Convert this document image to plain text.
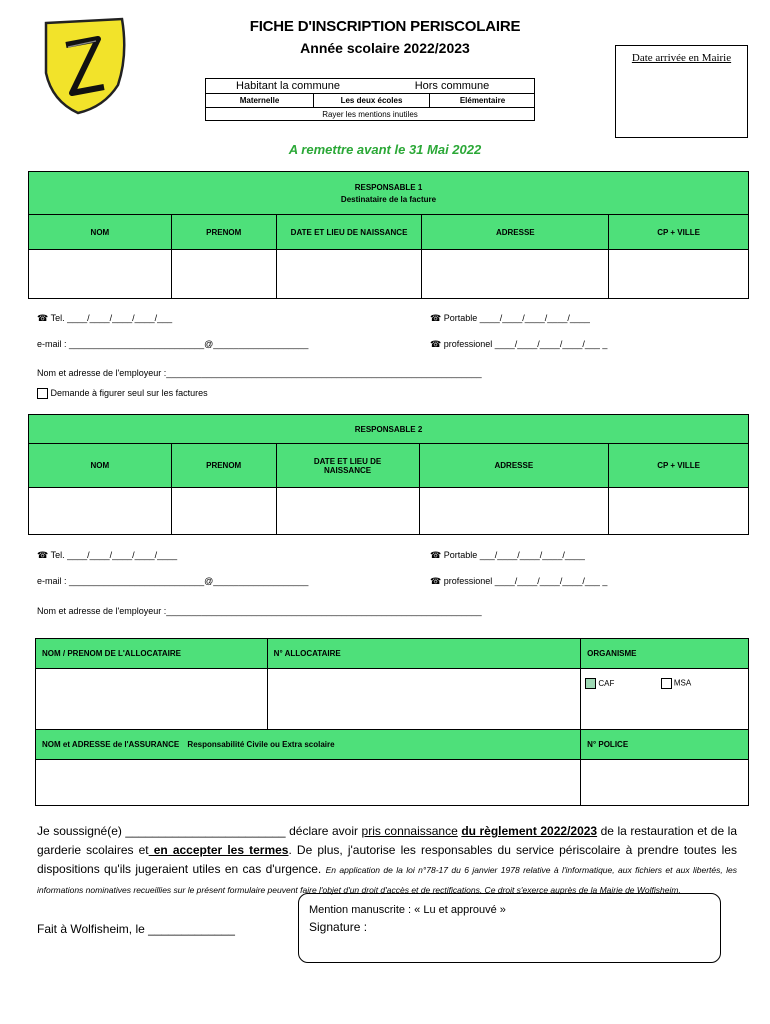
FICHE D'INSCRIPTION PERISCOLAIRE
Année scolaire 2022/2023
Date arrivée en Mairie
Habitant la commune	Hors commune
Maternelle	Les deux écoles	Elémentaire
Rayer les mentions inutiles
A remettre avant le 31 Mai 2022
RESPONSABLE 1
Destinataire de la facture				

NOM	PRENOM	DATE ET LIEU DE NAISSANCE	ADRESSE	CP + VILLE

☎ Tel. ____/____/____/____/___	☎ Portable ____/____/____/____/____
e-mail : ___________________________@___________________	☎ professionel ____/____/____/____/___ _
Nom et adresse de l'employeur :_______________________________________________________________
Demande à figurer seul sur les factures
RESPONSABLE 2				
NOM	PRENOM	DATE ET LIEU DE NAISSANCE	ADRESSE	CP + VILLE

☎ Tel. ____/____/____/____/____	☎ Portable ___/____/____/____/____
e-mail : ___________________________@___________________	☎ professionel ____/____/____/____/___ _
Nom et adresse de l'employeur :_______________________________________________________________
NOM / PRENOM DE L'ALLOCATAIRE	N° ALLOCATAIRE	ORGANISME
		CAF MSA
NOM et ADRESSE de l'ASSURANCE Responsabilité Civile ou Extra scolaire		N° POLICE

Je soussigné(e) ________________________ déclare avoir pris connaissance du règlement 2022/2023 de la restauration et de la garderie scolaires et en accepter les termes. De plus, j'autorise les responsables du service périscolaire à prendre toutes les dispositions qu'ils jugeraient utiles en cas d'urgence. En application de la loi n°78-17 du 6 janvier 1978 relative à l'informatique, aux fichiers et aux libertés, les informations nominatives recueillies sur le présent formulaire peuvent faire l'objet d'un droit d'accès et de rectifications. Ce droit s'exerce auprès de la Mairie de Wolfisheim.
Fait à Wolfisheim, le _____________
Mention manuscrite : « Lu et approuvé »
Signature :
